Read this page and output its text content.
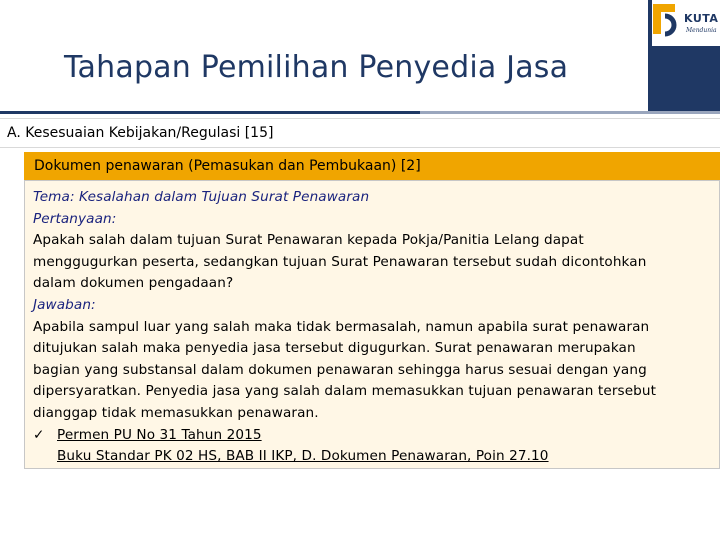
KUTA
Mendunia
Tahapan Pemilihan Penyedia Jasa
A. Kesesuaian Kebijakan/Regulasi [15]
Dokumen penawaran (Pemasukan dan Pembukaan) [2]
Tema: Kesalahan dalam Tujuan Surat Penawaran
Pertanyaan:
Apakah salah dalam tujuan Surat Penawaran kepada Pokja/Panitia Lelang dapat
menggugurkan peserta, sedangkan tujuan Surat Penawaran tersebut sudah dicontohkan
dalam dokumen pengadaan?
Jawaban:
Apabila sampul luar yang salah maka tidak bermasalah, namun apabila surat penawaran
ditujukan salah maka penyedia jasa tersebut digugurkan. Surat penawaran merupakan
bagian yang substansal dalam dokumen penawaran sehingga harus sesuai dengan yang
dipersyaratkan. Penyedia jasa yang salah dalam memasukkan tujuan penawaran tersebut
dianggap tidak memasukkan penawaran.
✓ Permen PU No 31 Tahun 2015
Buku Standar PK 02 HS, BAB II IKP, D. Dokumen Penawaran, Poin 27.10
